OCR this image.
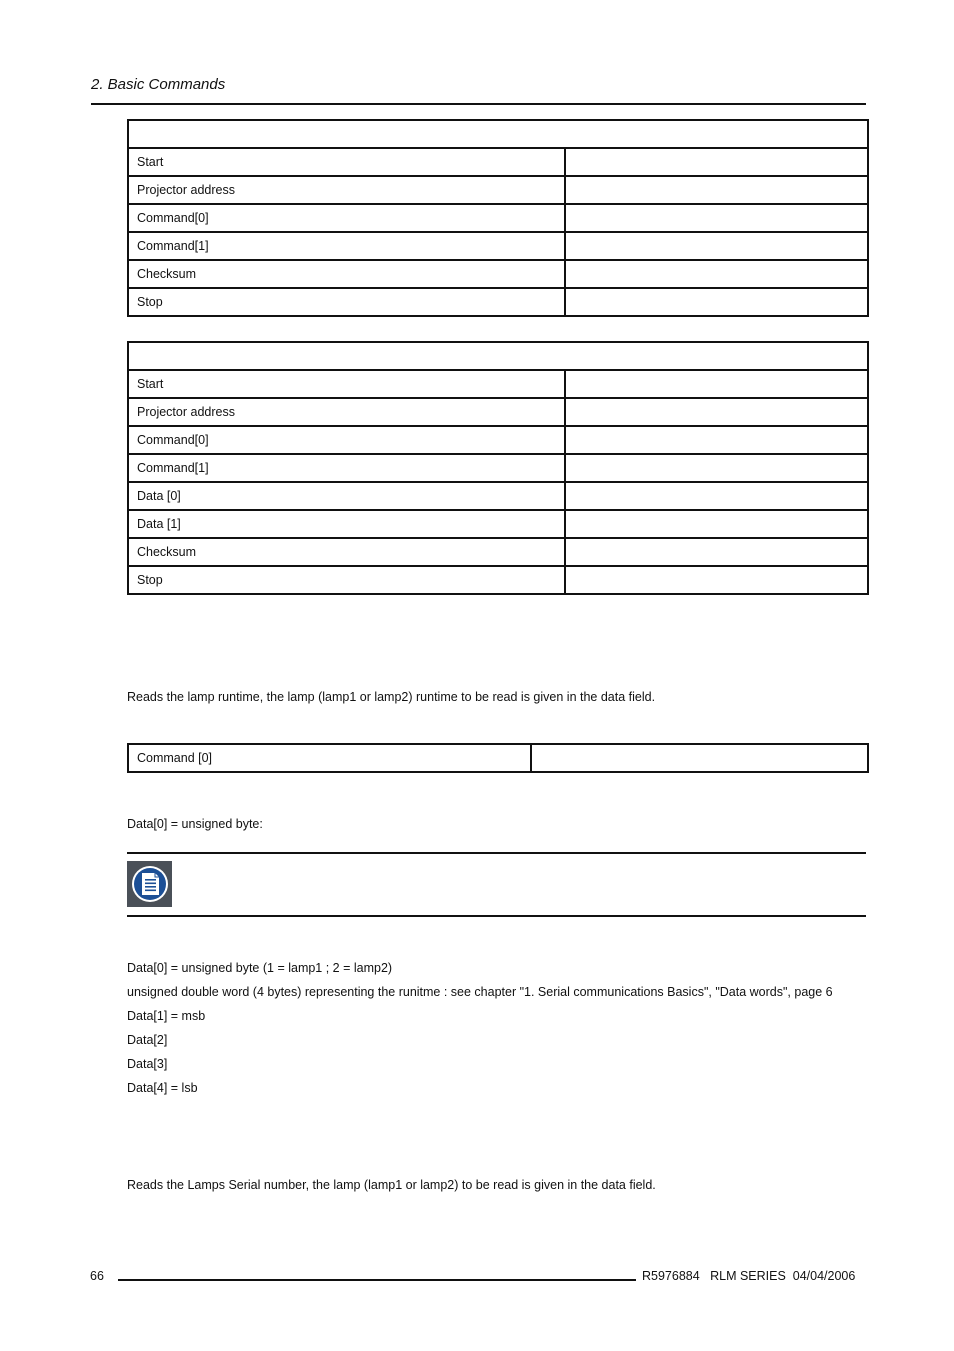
2. Basic Commands

Start	
Projector address	
Command[0]	
Command[1]	
Checksum	
Stop	

Start	
Projector address	
Command[0]	
Command[1]	
Data [0]	
Data [1]	
Checksum	
Stop	
Reads the lamp runtime, the lamp (lamp1 or lamp2) runtime to be read is given in the data field.
Command [0]	
Data[0] = unsigned byte:
Data[0] = unsigned byte (1 = lamp1 ; 2 = lamp2)
unsigned double word (4 bytes) representing the runitme : see chapter "1. Serial communications Basics", "Data words", page 6
Data[1] = msb
Data[2]
Data[3]
Data[4] = lsb
Reads the Lamps Serial number, the lamp (lamp1 or lamp2) to be read is given in the data field.
66	R5976884   RLM SERIES  04/04/2006
